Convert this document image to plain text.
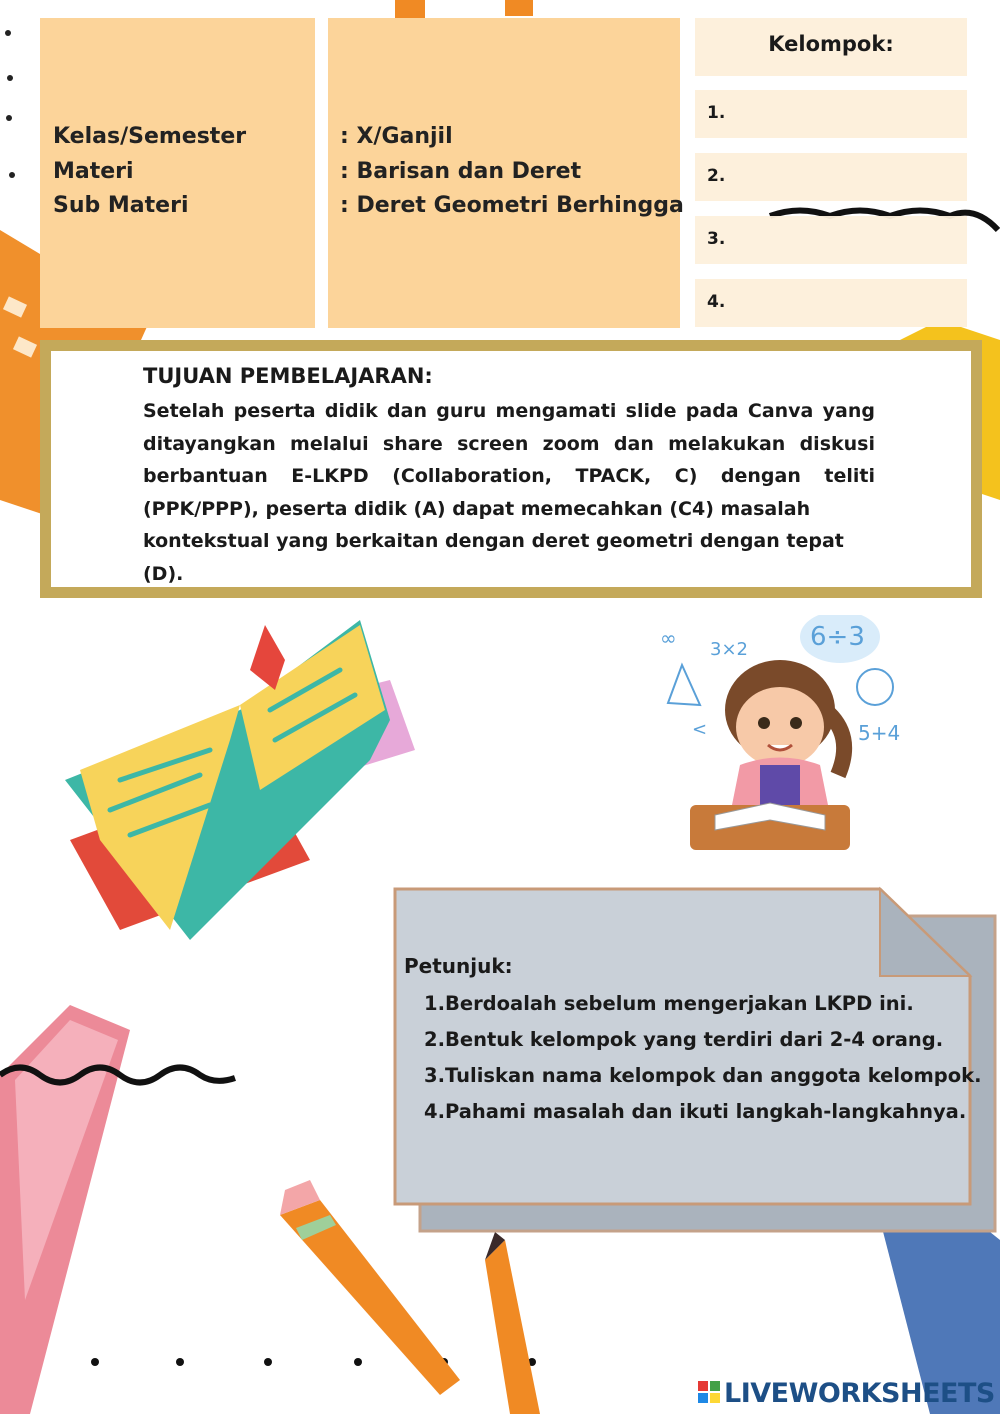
Kelas/Semester
Materi
Sub Materi
: X/Ganjil
: Barisan dan Deret
: Deret Geometri Berhingga
Kelompok:
1.
2.
3.
4.
TUJUAN PEMBELAJARAN:
Setelah peserta didik dan guru mengamati slide pada Canva yang ditayangkan melalui share screen zoom dan melakukan diskusi berbantuan E-LKPD (Collaboration, TPACK, C) dengan teliti (PPK/PPP), peserta didik (A) dapat memecahkan (C4) masalah
kontekstual yang berkaitan dengan deret geometri dengan tepat (D).
∞ 3×2 6÷3
5+4
<
Petunjuk:
1.Berdoalah sebelum mengerjakan LKPD ini.
2.Bentuk kelompok yang terdiri dari 2-4 orang.
3.Tuliskan nama kelompok dan anggota kelompok.
4.Pahami masalah dan ikuti langkah-langkahnya.
LIVEWORKSHEETS
